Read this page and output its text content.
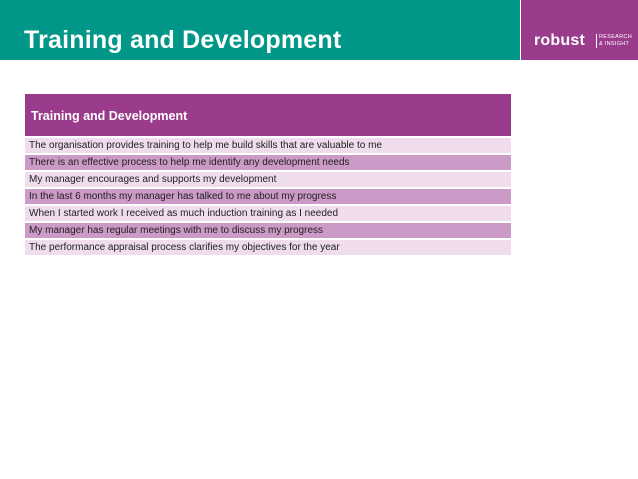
Training and Development	robust	RESEARCH
& INSIGHT
Training and Development
The organisation provides training to help me build skills that are valuable to me
There is an effective process to help me identify any development needs
My manager encourages and supports my development
In the last 6 months my manager has talked to me about my progress
When I started work I received as much induction training as I needed
My manager has regular meetings with me to discuss my progress
The performance appraisal process clarifies my objectives for the year
